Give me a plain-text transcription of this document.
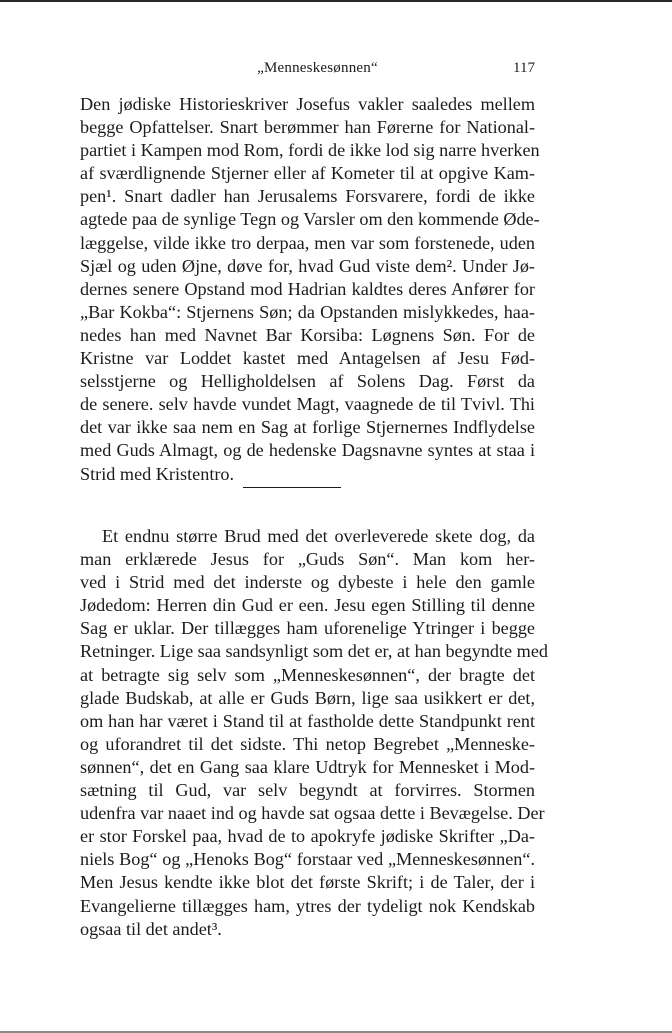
„Menneskesønnen“	117
Den jødiske Historieskriver Josefus vakler saaledes mellem
begge Opfattelser. Snart berømmer han Førerne for National-
partiet i Kampen mod Rom, fordi de ikke lod sig narre hverken
af sværdlignende Stjerner eller af Kometer til at opgive Kam-
pen¹. Snart dadler han Jerusalems Forsvarere, fordi de ikke
agtede paa de synlige Tegn og Varsler om den kommende Øde-
læggelse, vilde ikke tro derpaa, men var som forstenede, uden
Sjæl og uden Øjne, døve for, hvad Gud viste dem². Under Jø-
dernes senere Opstand mod Hadrian kaldtes deres Anfører for
„Bar Kokba“: Stjernens Søn; da Opstanden mislykkedes, haa-
nedes han med Navnet Bar Korsiba: Løgnens Søn. For de
Kristne var Loddet kastet med Antagelsen af Jesu Fød-
selsstjerne og Helligholdelsen af Solens Dag. Først da
de senere. selv havde vundet Magt, vaagnede de til Tvivl. Thi
det var ikke saa nem en Sag at forlige Stjernernes Indflydelse
med Guds Almagt, og de hedenske Dagsnavne syntes at staa i
Strid med Kristentro.
Et endnu større Brud med det overleverede skete dog, da
man erklærede Jesus for „Guds Søn“. Man kom her-
ved i Strid med det inderste og dybeste i hele den gamle
Jødedom: Herren din Gud er een. Jesu egen Stilling til denne
Sag er uklar. Der tillægges ham uforenelige Ytringer i begge
Retninger. Lige saa sandsynligt som det er, at han begyndte med
at betragte sig selv som „Menneskesønnen“, der bragte det
glade Budskab, at alle er Guds Børn, lige saa usikkert er det,
om han har været i Stand til at fastholde dette Standpunkt rent
og uforandret til det sidste. Thi netop Begrebet „Menneske-
sønnen“, det en Gang saa klare Udtryk for Mennesket i Mod-
sætning til Gud, var selv begyndt at forvirres. Stormen
udenfra var naaet ind og havde sat ogsaa dette i Bevægelse. Der
er stor Forskel paa, hvad de to apokryfe jødiske Skrifter „Da-
niels Bog“ og „Henoks Bog“ forstaar ved „Menneskesønnen“.
Men Jesus kendte ikke blot det første Skrift; i de Taler, der i
Evangelierne tillægges ham, ytres der tydeligt nok Kendskab
ogsaa til det andet³.
